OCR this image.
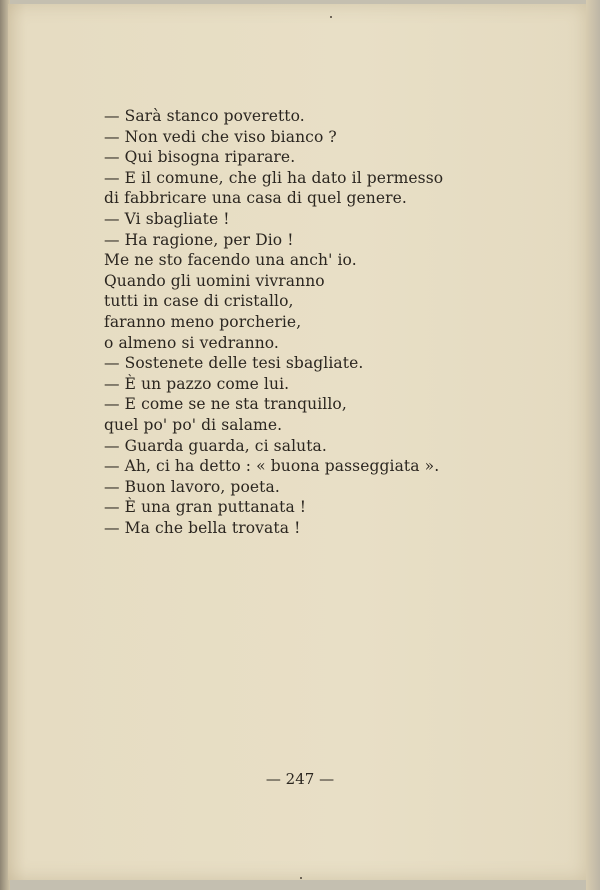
— Sarà stanco poveretto.
— Non vedi che viso bianco ?
— Qui bisogna riparare.
— E il comune, che gli ha dato il permesso
di fabbricare una casa di quel genere.
— Vi sbagliate !
— Ha ragione, per Dio !
Me ne sto facendo una anch' io.
Quando gli uomini vivranno
tutti in case di cristallo,
faranno meno porcherie,
o almeno si vedranno.
— Sostenete delle tesi sbagliate.
— È un pazzo come lui.
— E come se ne sta tranquillo,
quel po' po' di salame.
— Guarda guarda, ci saluta.
— Ah, ci ha detto : « buona passeggiata ».
— Buon lavoro, poeta.
— È una gran puttanata !
— Ma che bella trovata !
— 247 —
